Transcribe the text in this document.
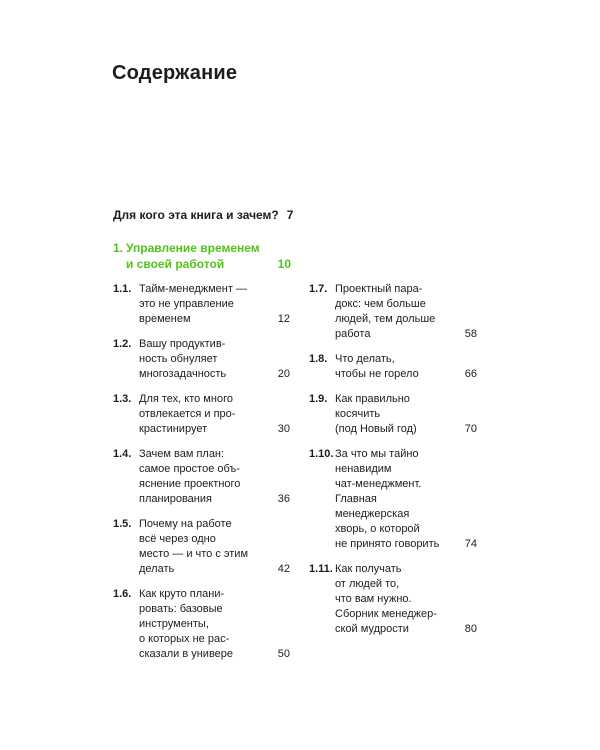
Содержание
Для кого эта книга и зачем? 7
1. Управление временем
и своей работой	10
1.1. Тайм-менеджмент —
это не управление
временем	12
1.2. Вашу продуктив-
ность обнуляет
многозадачность	20
1.3. Для тех, кто много
отвлекается и про-
крастинирует	30
1.4. Зачем вам план:
самое простое объ-
яснение проектного
планирования	36
1.5. Почему на работе
всё через одно
место — и что с этим
делать	42
1.6. Как круто плани-
ровать: базовые
инструменты,
о которых не рас-
сказали в универе	50
1.7. Проектный пара-
докс: чем больше
людей, тем дольше
работа	58
1.8. Что делать,
чтобы не горело	66
1.9. Как правильно
косячить
(под Новый год)	70
1.10. За что мы тайно
ненавидим
чат-менеджмент.
Главная
менеджерская
хворь, о которой
не принято говорить	74
1.11. Как получать
от людей то,
что вам нужно.
Сборник менеджер-
ской мудрости	80
